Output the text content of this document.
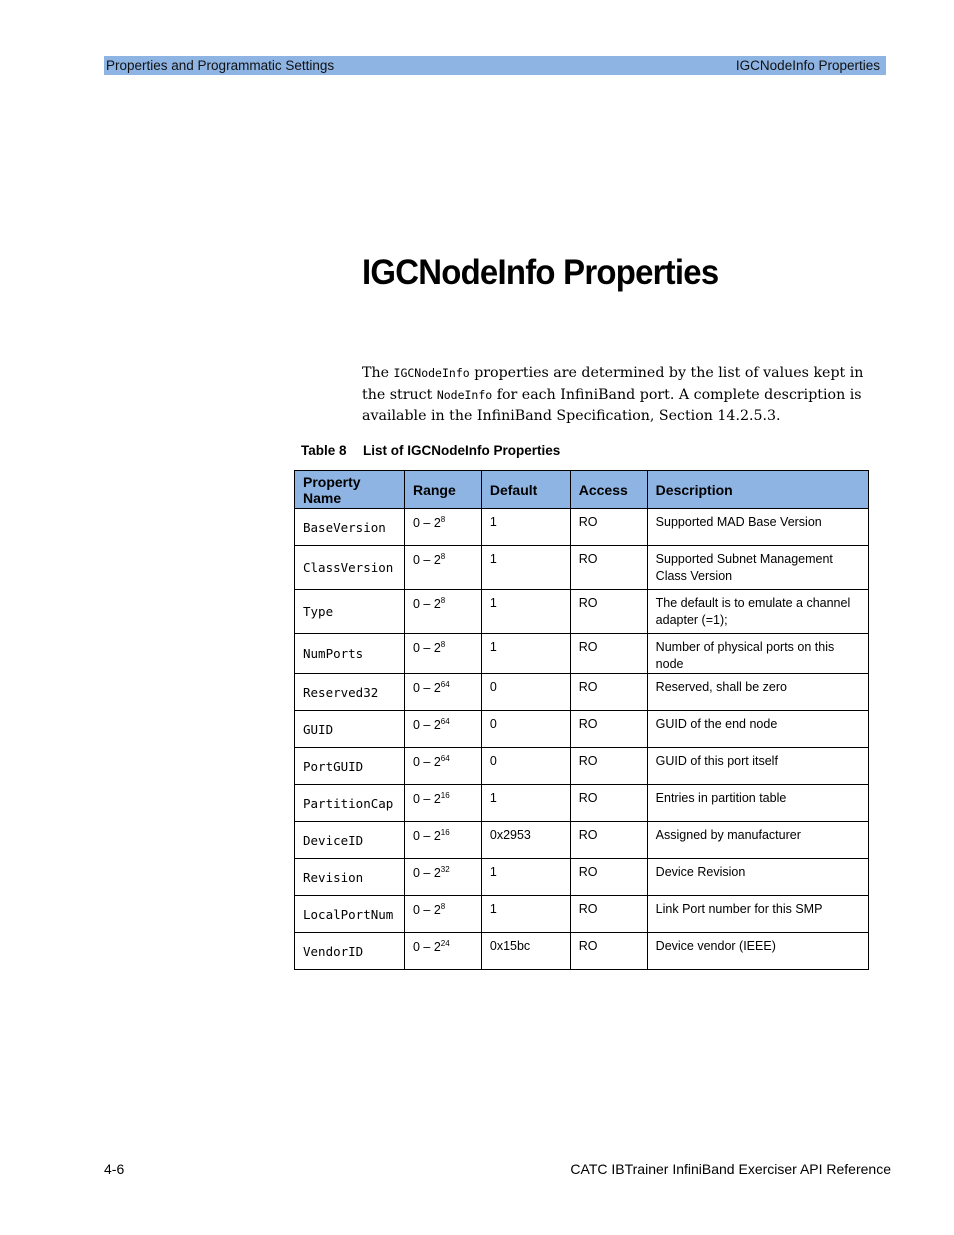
Properties and Programmatic Settings	IGCNodeInfo Properties
IGCNodeInfo Properties

The IGCNodeInfo properties are determined by the list of values kept in the struct NodeInfo for each InfiniBand port. A complete description is available in the InfiniBand Specification, Section 14.2.5.3.

Table 8 List of IGCNodeInfo Properties

Property Name	Range	Default	Access	Description
BaseVersion	$0 - 2^8$	1	RO	Supported MAD Base Version
ClassVersion	$0 - 2^8$	1	RO	Supported Subnet Management Class Version
Type	$0 - 2^8$	1	RO	The default is to emulate a channel adapter (=1);
NumPorts	$0 - 2^8$	1	RO	Number of physical ports on this node
Reserved32	$0 - 2^{64}$	0	RO	Reserved, shall be zero
GUID	$0 - 2^{64}$	0	RO	GUID of the end node
PortGUID	$0 - 2^{64}$	0	RO	GUID of this port itself
PartitionCap	$0 - 2^{16}$	1	RO	Entries in partition table
DeviceID	$0 - 2^{16}$	0x2953	RO	Assigned by manufacturer
Revision	$0 - 2^{32}$	1	RO	Device Revision
LocalPortNum	$0 - 2^8$	1	RO	Link Port number for this SMP
VendorID	$0 - 2^{24}$	0x15bc	RO	Device vendor (IEEE)
4-6	CATC IBTrainer InfiniBand Exerciser API Reference
